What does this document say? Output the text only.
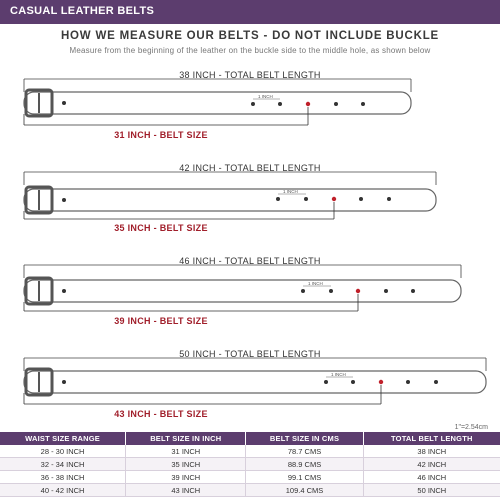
CASUAL LEATHER BELTS
HOW WE MEASURE OUR BELTS - DO NOT INCLUDE BUCKLE
Measure from the beginning of the leather on the buckle side to the middle hole, as shown below
38 INCH - TOTAL BELT LENGTH
1 INCH
31 INCH - BELT SIZE
42 INCH - TOTAL BELT LENGTH
1 INCH
35 INCH - BELT SIZE
46 INCH - TOTAL BELT LENGTH
1 INCH
39 INCH - BELT SIZE
50 INCH - TOTAL BELT LENGTH
1 INCH
43 INCH - BELT SIZE
1"=2.54cm
WAIST SIZE RANGE	BELT SIZE IN INCH	BELT SIZE IN CMS	TOTAL BELT LENGTH
28 - 30 INCH	31 INCH	78.7 CMS	38 INCH
32 - 34 INCH	35 INCH	88.9 CMS	42 INCH
36 - 38 INCH	39 INCH	99.1 CMS	46 INCH
40 - 42 INCH	43 INCH	109.4 CMS	50 INCH
